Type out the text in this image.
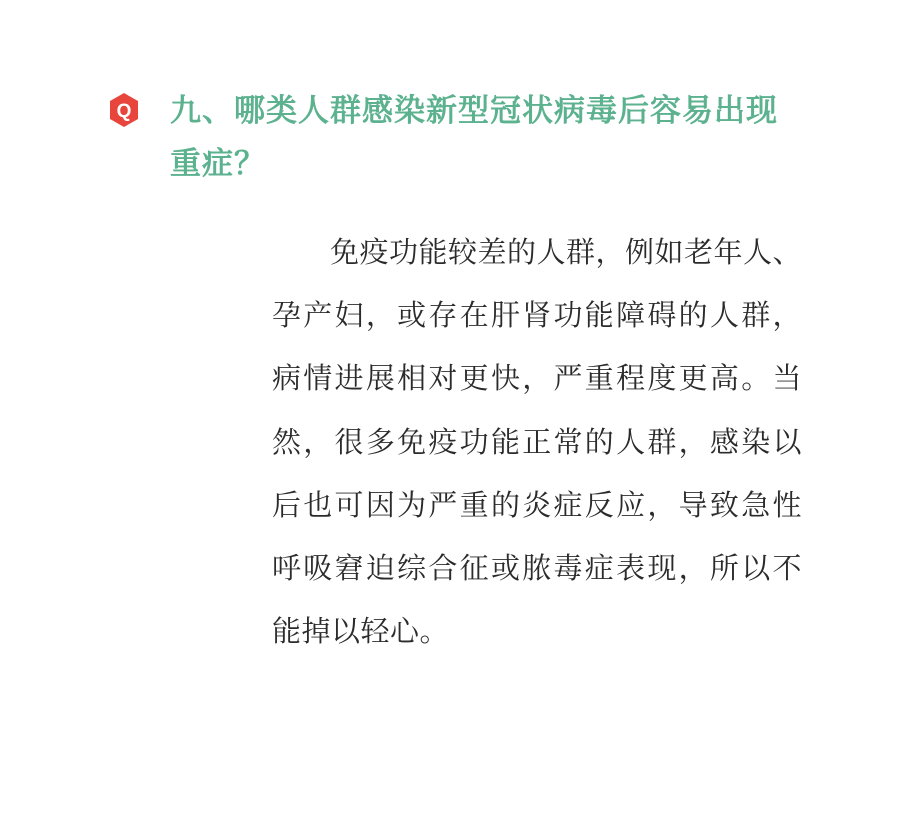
Q	九、哪类人群感染新型冠状病毒后容易出现重症？

免疫功能较差的人群，例如老年人、孕产妇，或存在肝肾功能障碍的人群，病情进展相对更快，严重程度更高。当然，很多免疫功能正常的人群，感染以后也可因为严重的炎症反应，导致急性呼吸窘迫综合征或脓毒症表现，所以不能掉以轻心。
